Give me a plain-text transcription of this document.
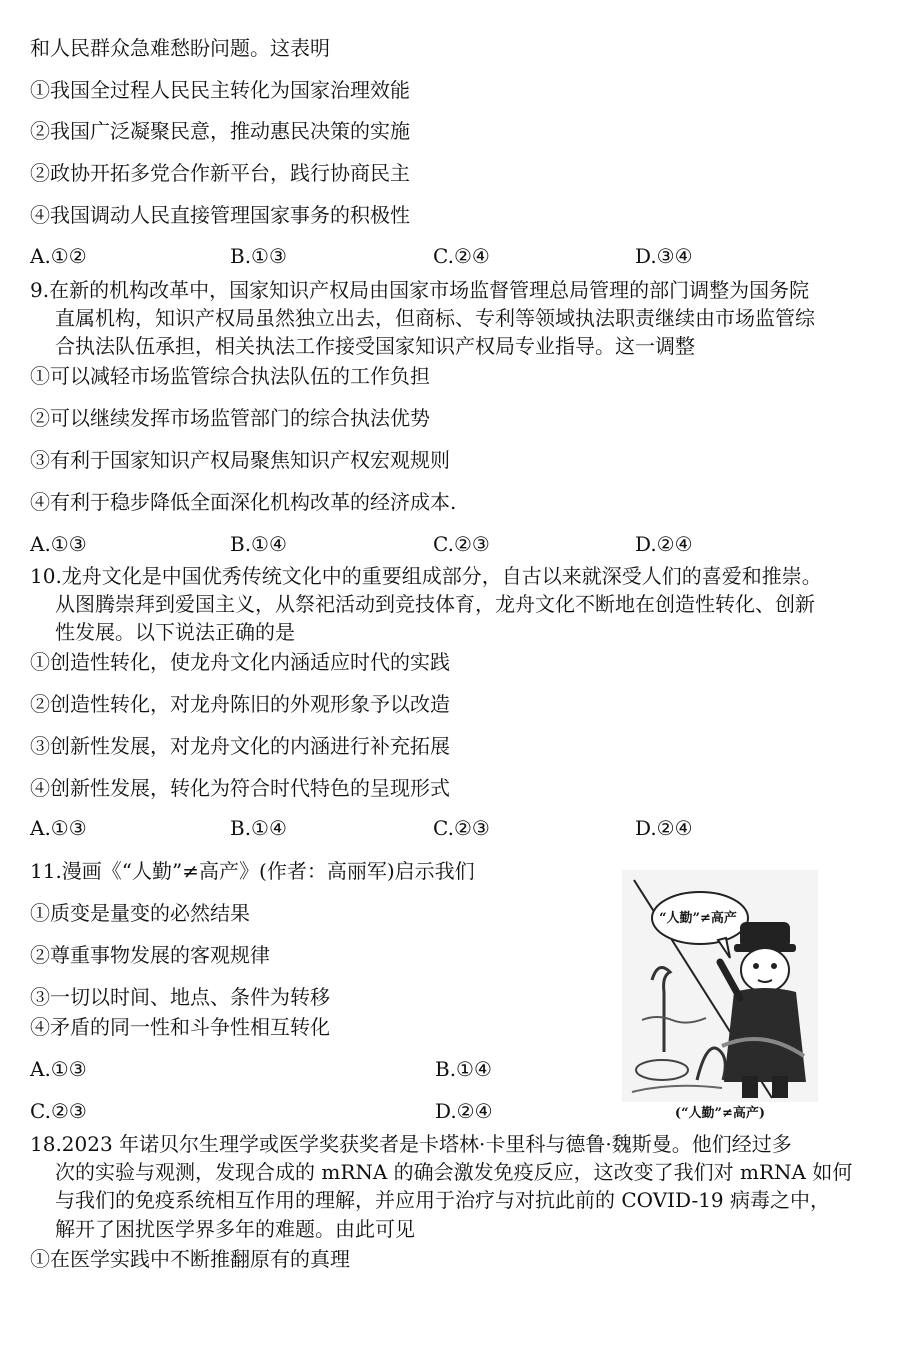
和人民群众急难愁盼问题。这表明
①我国全过程人民民主转化为国家治理效能
②我国广泛凝聚民意，推动惠民决策的实施
②政协开拓多党合作新平台，践行协商民主
④我国调动人民直接管理国家事务的积极性
A.①②	B.①③	C.②④	D.③④
9.在新的机构改革中，国家知识产权局由国家市场监督管理总局管理的部门调整为国务院
直属机构，知识产权局虽然独立出去，但商标、专利等领域执法职责继续由市场监管综
合执法队伍承担，相关执法工作接受国家知识产权局专业指导。这一调整
①可以减轻市场监管综合执法队伍的工作负担
②可以继续发挥市场监管部门的综合执法优势
③有利于国家知识产权局聚焦知识产权宏观规则
④有利于稳步降低全面深化机构改革的经济成本.
A.①③	B.①④	C.②③	D.②④
10.龙舟文化是中国优秀传统文化中的重要组成部分，自古以来就深受人们的喜爱和推崇。
从图腾崇拜到爱国主义，从祭祀活动到竞技体育，龙舟文化不断地在创造性转化、创新
性发展。以下说法正确的是
①创造性转化，使龙舟文化内涵适应时代的实践
②创造性转化，对龙舟陈旧的外观形象予以改造
③创新性发展，对龙舟文化的内涵进行补充拓展
④创新性发展，转化为符合时代特色的呈现形式
A.①③	B.①④	C.②③	D.②④
11.漫画《“人勤”≠高产》(作者：高丽军)启示我们
①质变是量变的必然结果
②尊重事物发展的客观规律
③一切以时间、地点、条件为转移
④矛盾的同一性和斗争性相互转化
A.①③	B.①④
C.②③	D.②④
“人勤”≠高产
(“人勤”≠高产)
18.2023 年诺贝尔生理学或医学奖获奖者是卡塔林·卡里科与德鲁·魏斯曼。他们经过多
次的实验与观测，发现合成的 mRNA 的确会激发免疫反应，这改变了我们对 mRNA 如何
与我们的免疫系统相互作用的理解，并应用于治疗与对抗此前的 COVID-19 病毒之中，
解开了困扰医学界多年的难题。由此可见
①在医学实践中不断推翻原有的真理
